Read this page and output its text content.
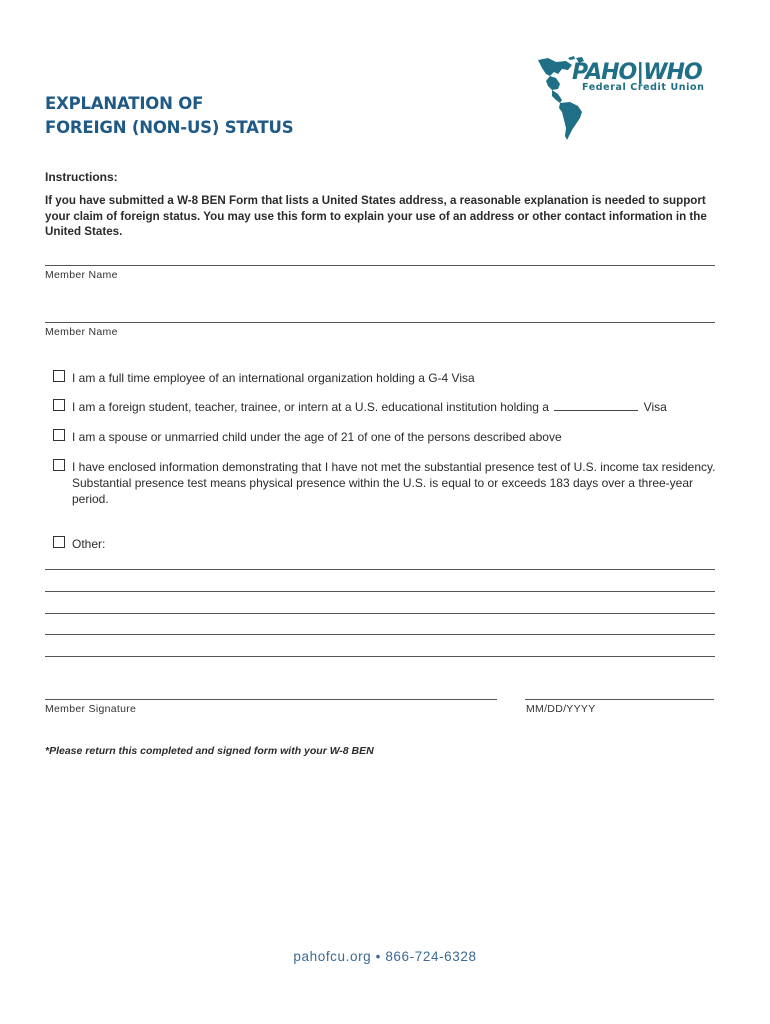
EXPLANATION OF
FOREIGN (NON-US) STATUS
PAHO|WHO
Federal Credit Union
Instructions:
If you have submitted a W-8 BEN Form that lists a United States address, a reasonable explanation is needed to support your claim of foreign status. You may use this form to explain your use of an address or other contact information in the United States.
Member Name
Member Name
I am a full time employee of an international organization holding a G-4 Visa
I am a foreign student, teacher, trainee, or intern at a U.S. educational institution holding a	Visa
I am a spouse or unmarried child under the age of 21 of one of the persons described above
I have enclosed information demonstrating that I have not met the substantial presence test of U.S. income tax residency. Substantial presence test means physical presence within the U.S. is equal to or exceeds 183 days over a three-year period.
Other:
Member Signature	MM/DD/YYYY
*Please return this completed and signed form with your W-8 BEN
pahofcu.org • 866-724-6328
